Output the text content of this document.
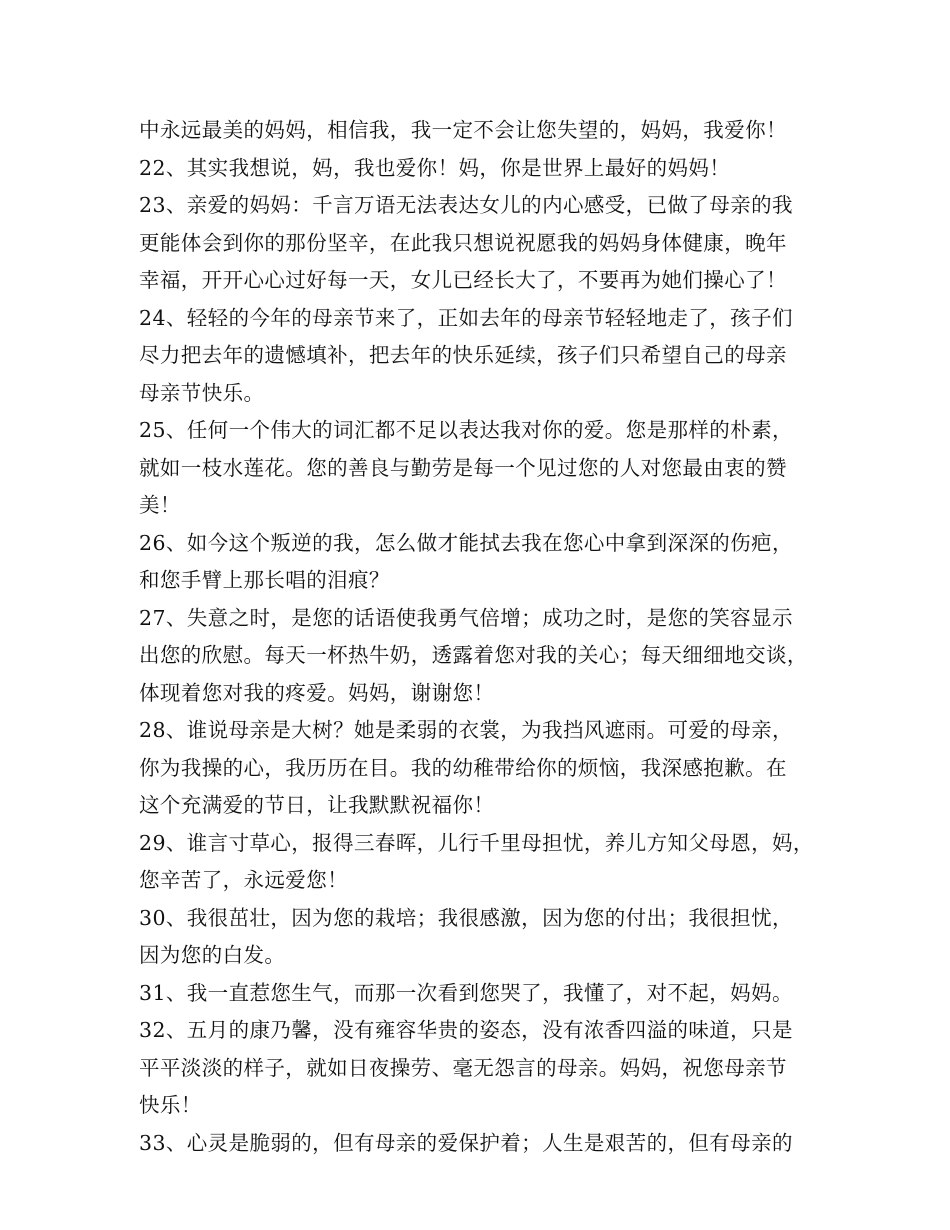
中永远最美的妈妈，相信我，我一定不会让您失望的，妈妈，我爱你！
22、其实我想说，妈，我也爱你！妈，你是世界上最好的妈妈！
23、亲爱的妈妈：千言万语无法表达女儿的内心感受，已做了母亲的我
更能体会到你的那份坚辛，在此我只想说祝愿我的妈妈身体健康，晚年
幸福，开开心心过好每一天，女儿已经长大了，不要再为她们操心了！
24、轻轻的今年的母亲节来了，正如去年的母亲节轻轻地走了，孩子们
尽力把去年的遗憾填补，把去年的快乐延续，孩子们只希望自己的母亲
母亲节快乐。
25、任何一个伟大的词汇都不足以表达我对你的爱。您是那样的朴素，
就如一枝水莲花。您的善良与勤劳是每一个见过您的人对您最由衷的赞
美！
26、如今这个叛逆的我，怎么做才能拭去我在您心中拿到深深的伤疤，
和您手臂上那长唱的泪痕？
27、失意之时，是您的话语使我勇气倍增；成功之时，是您的笑容显示
出您的欣慰。每天一杯热牛奶，透露着您对我的关心；每天细细地交谈，
体现着您对我的疼爱。妈妈，谢谢您！
28、谁说母亲是大树？她是柔弱的衣裳，为我挡风遮雨。可爱的母亲，
你为我操的心，我历历在目。我的幼稚带给你的烦恼，我深感抱歉。在
这个充满爱的节日，让我默默祝福你！
29、谁言寸草心，报得三春晖，儿行千里母担忧，养儿方知父母恩，妈，
您辛苦了，永远爱您！
30、我很茁壮，因为您的栽培；我很感激，因为您的付出；我很担忧，
因为您的白发。
31、我一直惹您生气，而那一次看到您哭了，我懂了，对不起，妈妈。
32、五月的康乃馨，没有雍容华贵的姿态，没有浓香四溢的味道，只是
平平淡淡的样子，就如日夜操劳、毫无怨言的母亲。妈妈，祝您母亲节
快乐！
33、心灵是脆弱的，但有母亲的爱保护着；人生是艰苦的，但有母亲的
